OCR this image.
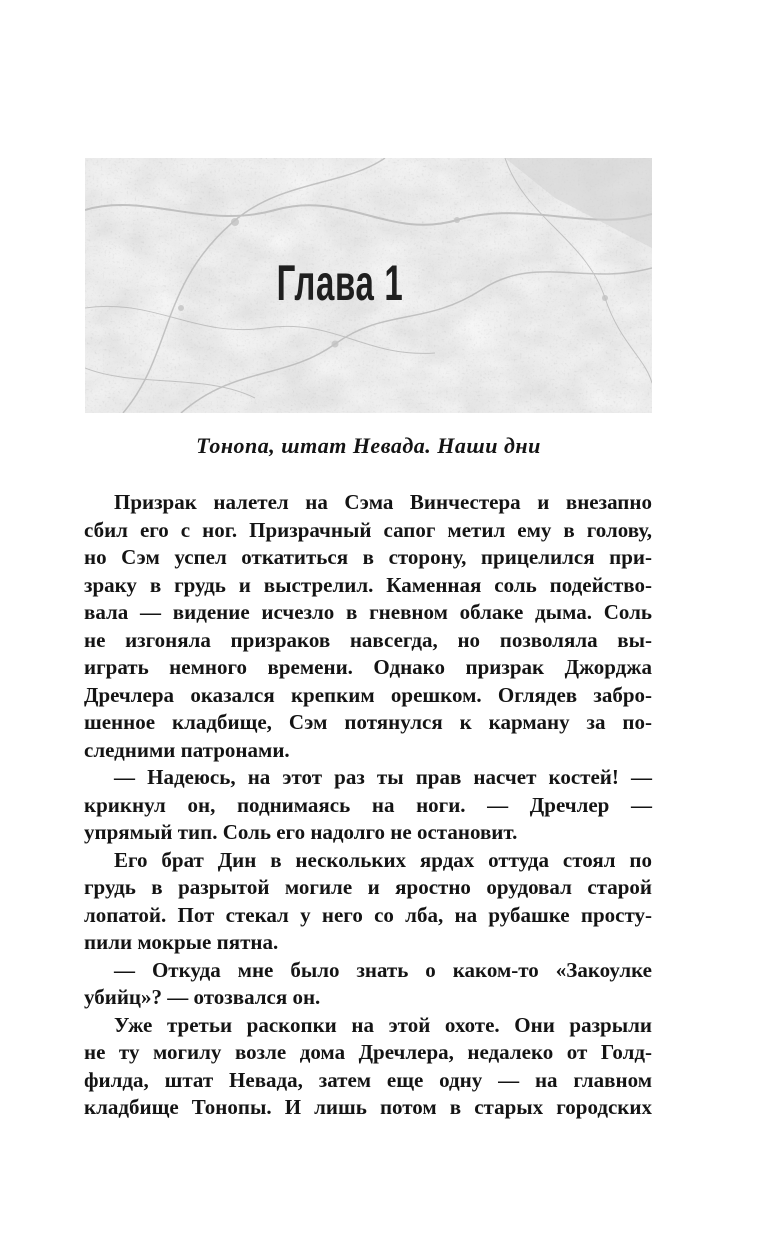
Глава 1
Тонопа, штат Невада. Наши дни
Призрак налетел на Сэма Винчестера и внезапно
сбил его с ног. Призрачный сапог метил ему в голову,
но Сэм успел откатиться в сторону, прицелился при-
зраку в грудь и выстрелил. Каменная соль подейство-
вала — видение исчезло в гневном облаке дыма. Соль
не изгоняла призраков навсегда, но позволяла вы-
играть немного времени. Однако призрак Джорджа
Дречлера оказался крепким орешком. Оглядев забро-
шенное кладбище, Сэм потянулся к карману за по-
следними патронами.
— Надеюсь, на этот раз ты прав насчет костей! —
крикнул он, поднимаясь на ноги. — Дречлер —
упрямый тип. Соль его надолго не остановит.
Его брат Дин в нескольких ярдах оттуда стоял по
грудь в разрытой могиле и яростно орудовал старой
лопатой. Пот стекал у него со лба, на рубашке просту-
пили мокрые пятна.
— Откуда мне было знать о каком-то «Закоулке
убийц»? — отозвался он.
Уже третьи раскопки на этой охоте. Они разрыли
не ту могилу возле дома Дречлера, недалеко от Голд-
филда, штат Невада, затем еще одну — на главном
кладбище Тонопы. И лишь потом в старых городских
